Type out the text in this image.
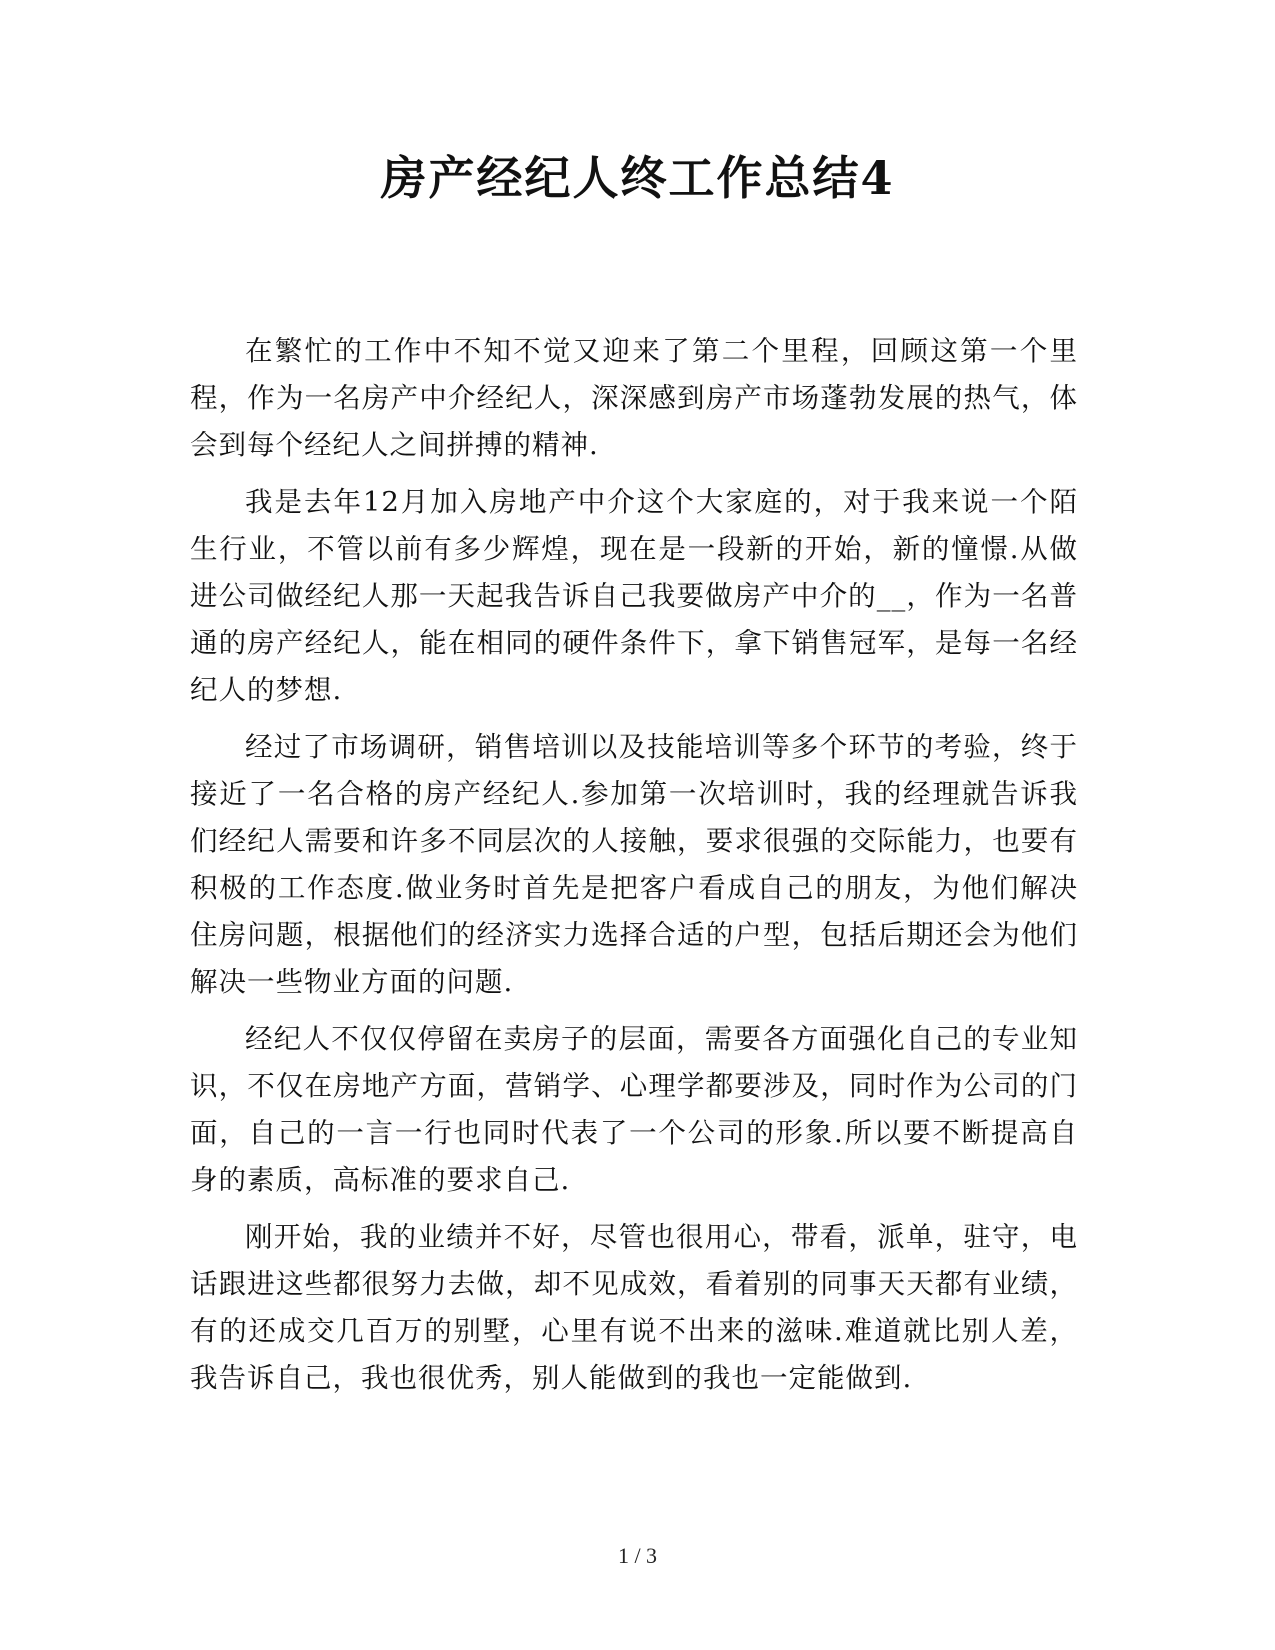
房产经纪人终工作总结4

在繁忙的工作中不知不觉又迎来了第二个里程，回顾这第一个里程，作为一名房产中介经纪人，深深感到房产市场蓬勃发展的热气，体会到每个经纪人之间拼搏的精神.

我是去年12月加入房地产中介这个大家庭的，对于我来说一个陌生行业，不管以前有多少辉煌，现在是一段新的开始，新的憧憬.从做进公司做经纪人那一天起我告诉自己我要做房产中介的__，作为一名普通的房产经纪人，能在相同的硬件条件下，拿下销售冠军，是每一名经纪人的梦想.

经过了市场调研，销售培训以及技能培训等多个环节的考验，终于接近了一名合格的房产经纪人.参加第一次培训时，我的经理就告诉我们经纪人需要和许多不同层次的人接触，要求很强的交际能力，也要有积极的工作态度.做业务时首先是把客户看成自己的朋友，为他们解决住房问题，根据他们的经济实力选择合适的户型，包括后期还会为他们解决一些物业方面的问题.

经纪人不仅仅停留在卖房子的层面，需要各方面强化自己的专业知识，不仅在房地产方面，营销学、心理学都要涉及，同时作为公司的门面，自己的一言一行也同时代表了一个公司的形象.所以要不断提高自身的素质，高标准的要求自己.

刚开始，我的业绩并不好，尽管也很用心，带看，派单，驻守，电话跟进这些都很努力去做，却不见成效，看着别的同事天天都有业绩，有的还成交几百万的别墅，心里有说不出来的滋味.难道就比别人差，我告诉自己，我也很优秀，别人能做到的我也一定能做到.

1 / 3
